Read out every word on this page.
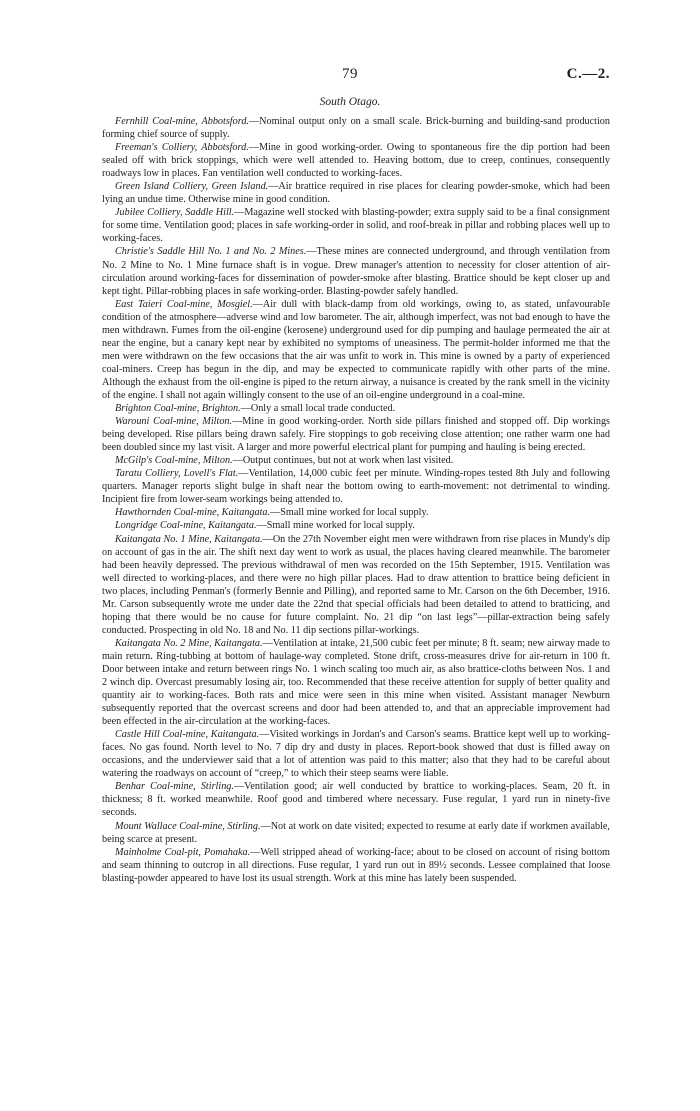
79	C.—2.
South Otago.

Fernhill Coal-mine, Abbotsford.—Nominal output only on a small scale. Brick-burning and building-sand production forming chief source of supply.

Freeman's Colliery, Abbotsford.—Mine in good working-order. Owing to spontaneous fire the dip portion had been sealed off with brick stoppings, which were well attended to. Heaving bottom, due to creep, continues, consequently roadways low in places. Fan ventilation well conducted to working-faces.

Green Island Colliery, Green Island.—Air brattice required in rise places for clearing powder-smoke, which had been lying an undue time. Otherwise mine in good condition.

Jubilee Colliery, Saddle Hill.—Magazine well stocked with blasting-powder; extra supply said to be a final consignment for some time. Ventilation good; places in safe working-order in solid, and roof-break in pillar and robbing places well up to working-faces.

Christie's Saddle Hill No. 1 and No. 2 Mines.—These mines are connected underground, and through ventilation from No. 2 Mine to No. 1 Mine furnace shaft is in vogue. Drew manager's attention to necessity for closer attention of air-circulation around working-faces for dissemination of powder-smoke after blasting. Brattice should be kept closer up and kept tight. Pillar-robbing places in safe working-order. Blasting-powder safely handled.

East Taieri Coal-mine, Mosgiel.—Air dull with black-damp from old workings, owing to, as stated, unfavourable condition of the atmosphere—adverse wind and low barometer. The air, although imperfect, was not bad enough to have the men withdrawn. Fumes from the oil-engine (kerosene) underground used for dip pumping and haulage permeated the air at near the engine, but a canary kept near by exhibited no symptoms of uneasiness. The permit-holder informed me that the men were withdrawn on the few occasions that the air was unfit to work in. This mine is owned by a party of experienced coal-miners. Creep has begun in the dip, and may be expected to communicate rapidly with other parts of the mine. Although the exhaust from the oil-engine is piped to the return airway, a nuisance is created by the rank smell in the vicinity of the engine. I shall not again willingly consent to the use of an oil-engine underground in a coal-mine.

Brighton Coal-mine, Brighton.—Only a small local trade conducted.

Warouni Coal-mine, Milton.—Mine in good working-order. North side pillars finished and stopped off. Dip workings being developed. Rise pillars being drawn safely. Fire stoppings to gob receiving close attention; one rather warm one had been doubled since my last visit. A larger and more powerful electrical plant for pumping and hauling is being erected.

McGilp's Coal-mine, Milton.—Output continues, but not at work when last visited.

Taratu Colliery, Lovell's Flat.—Ventilation, 14,000 cubic feet per minute. Winding-ropes tested 8th July and following quarters. Manager reports slight bulge in shaft near the bottom owing to earth-movement: not detrimental to winding. Incipient fire from lower-seam workings being attended to.

Hawthornden Coal-mine, Kaitangata.—Small mine worked for local supply.

Longridge Coal-mine, Kaitangata.—Small mine worked for local supply.

Kaitangata No. 1 Mine, Kaitangata.—On the 27th November eight men were withdrawn from rise places in Mundy's dip on account of gas in the air. The shift next day went to work as usual, the places having cleared meanwhile. The barometer had been heavily depressed. The previous withdrawal of men was recorded on the 15th September, 1915. Ventilation was well directed to working-places, and there were no high pillar places. Had to draw attention to brattice being deficient in two places, including Penman's (formerly Bennie and Pilling), and reported same to Mr. Carson on the 6th December, 1916. Mr. Carson subsequently wrote me under date the 22nd that special officials had been detailed to attend to bratticing, and hoping that there would be no cause for future complaint. No. 21 dip “on last legs”—pillar-extraction being safely conducted. Prospecting in old No. 18 and No. 11 dip sections pillar-workings.

Kaitangata No. 2 Mine, Kaitangata.—Ventilation at intake, 21,500 cubic feet per minute; 8 ft. seam; new airway made to main return. Ring-tubbing at bottom of haulage-way completed. Stone drift, cross-measures drive for air-return in 100 ft. Door between intake and return between rings No. 1 winch scaling too much air, as also brattice-cloths between Nos. 1 and 2 winch dip. Overcast presumably losing air, too. Recommended that these receive attention for supply of better quality and quantity air to working-faces. Both rats and mice were seen in this mine when visited. Assistant manager Newburn subsequently reported that the overcast screens and door had been attended to, and that an appreciable improvement had been effected in the air-circulation at the working-faces.

Castle Hill Coal-mine, Kaitangata.—Visited workings in Jordan's and Carson's seams. Brattice kept well up to working-faces. No gas found. North level to No. 7 dip dry and dusty in places. Report-book showed that dust is filled away on occasions, and the underviewer said that a lot of attention was paid to this matter; also that they had to be careful about watering the roadways on account of “creep,” to which their steep seams were liable.

Benhar Coal-mine, Stirling.—Ventilation good; air well conducted by brattice to working-places. Seam, 20 ft. in thickness; 8 ft. worked meanwhile. Roof good and timbered where necessary. Fuse regular, 1 yard run in ninety-five seconds.

Mount Wallace Coal-mine, Stirling.—Not at work on date visited; expected to resume at early date if workmen available, being scarce at present.

Mainholme Coal-pit, Pomahaka.—Well stripped ahead of working-face; about to be closed on account of rising bottom and seam thinning to outcrop in all directions. Fuse regular, 1 yard run out in 89½ seconds. Lessee complained that loose blasting-powder appeared to have lost its usual strength. Work at this mine has lately been suspended.
